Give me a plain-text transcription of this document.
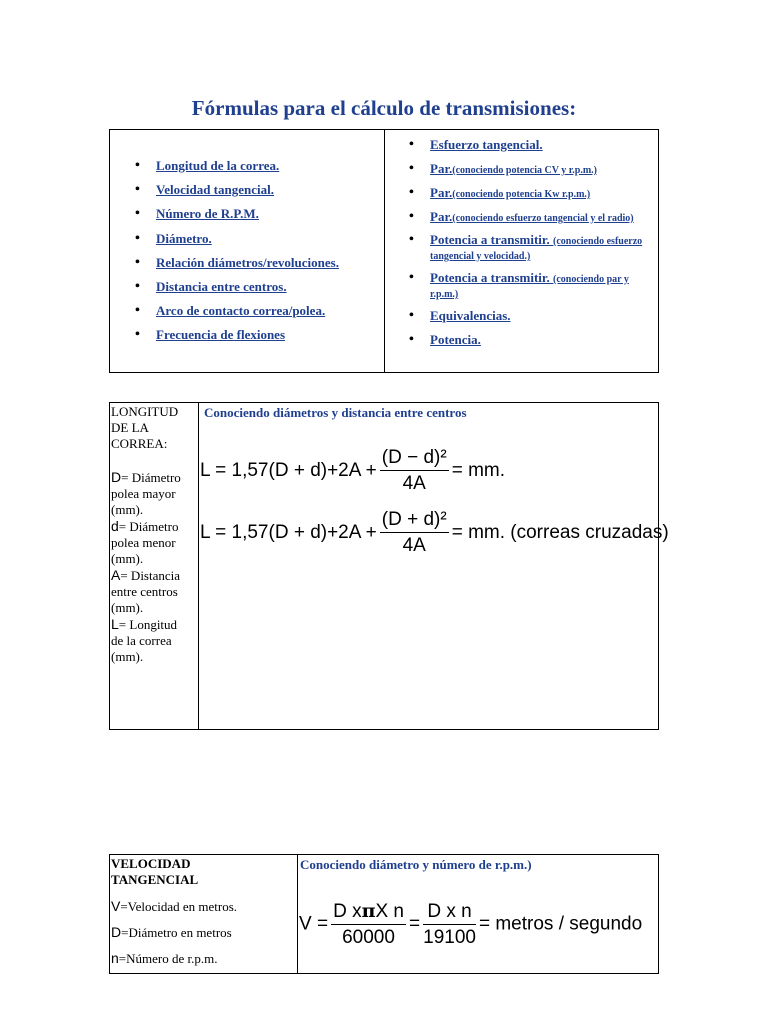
Fórmulas para el cálculo de transmisiones:
• Longitud de la correa.
• Velocidad tangencial.
• Número de R.P.M.
• Diámetro.
• Relación diámetros/revoluciones.
• Distancia entre centros.
• Arco de contacto correa/polea.
• Frecuencia de flexiones
• Esfuerzo tangencial.
• Par.(conociendo potencia CV y r.p.m.)
• Par.(conociendo potencia Kw r.p.m.)
• Par.(conociendo esfuerzo tangencial y el radio)
• Potencia a transmitir. (conociendo esfuerzo tangencial y velocidad.)
• Potencia a transmitir. (conociendo par y r.p.m.)
• Equivalencias.
• Potencia.
LONGITUD
DE LA
CORREA:
D= Diámetro
polea mayor
(mm).
d= Diámetro
polea menor
(mm).
A= Distancia
entre centros
(mm).
L= Longitud
de la correa
(mm).
Conociendo diámetros y distancia entre centros
$L = 1,57(D + d)+2A + \frac{\text{(D − d)²}}{4A}$ = mm.
$L = 1,57(D + d)+2A + \frac{\text{(D + d)²}}{4A}$ = mm. (correas cruzadas)
VELOCIDAD
TANGENCIAL
V=Velocidad en metros.
D=Diámetro en metros
n=Número de r.p.m.
Conociendo diámetro y número de r.p.m.)
$V = \frac{\text{D xπX n}}{60000} = \frac{\text{D x n}}{19100}$ = metros / segundo
